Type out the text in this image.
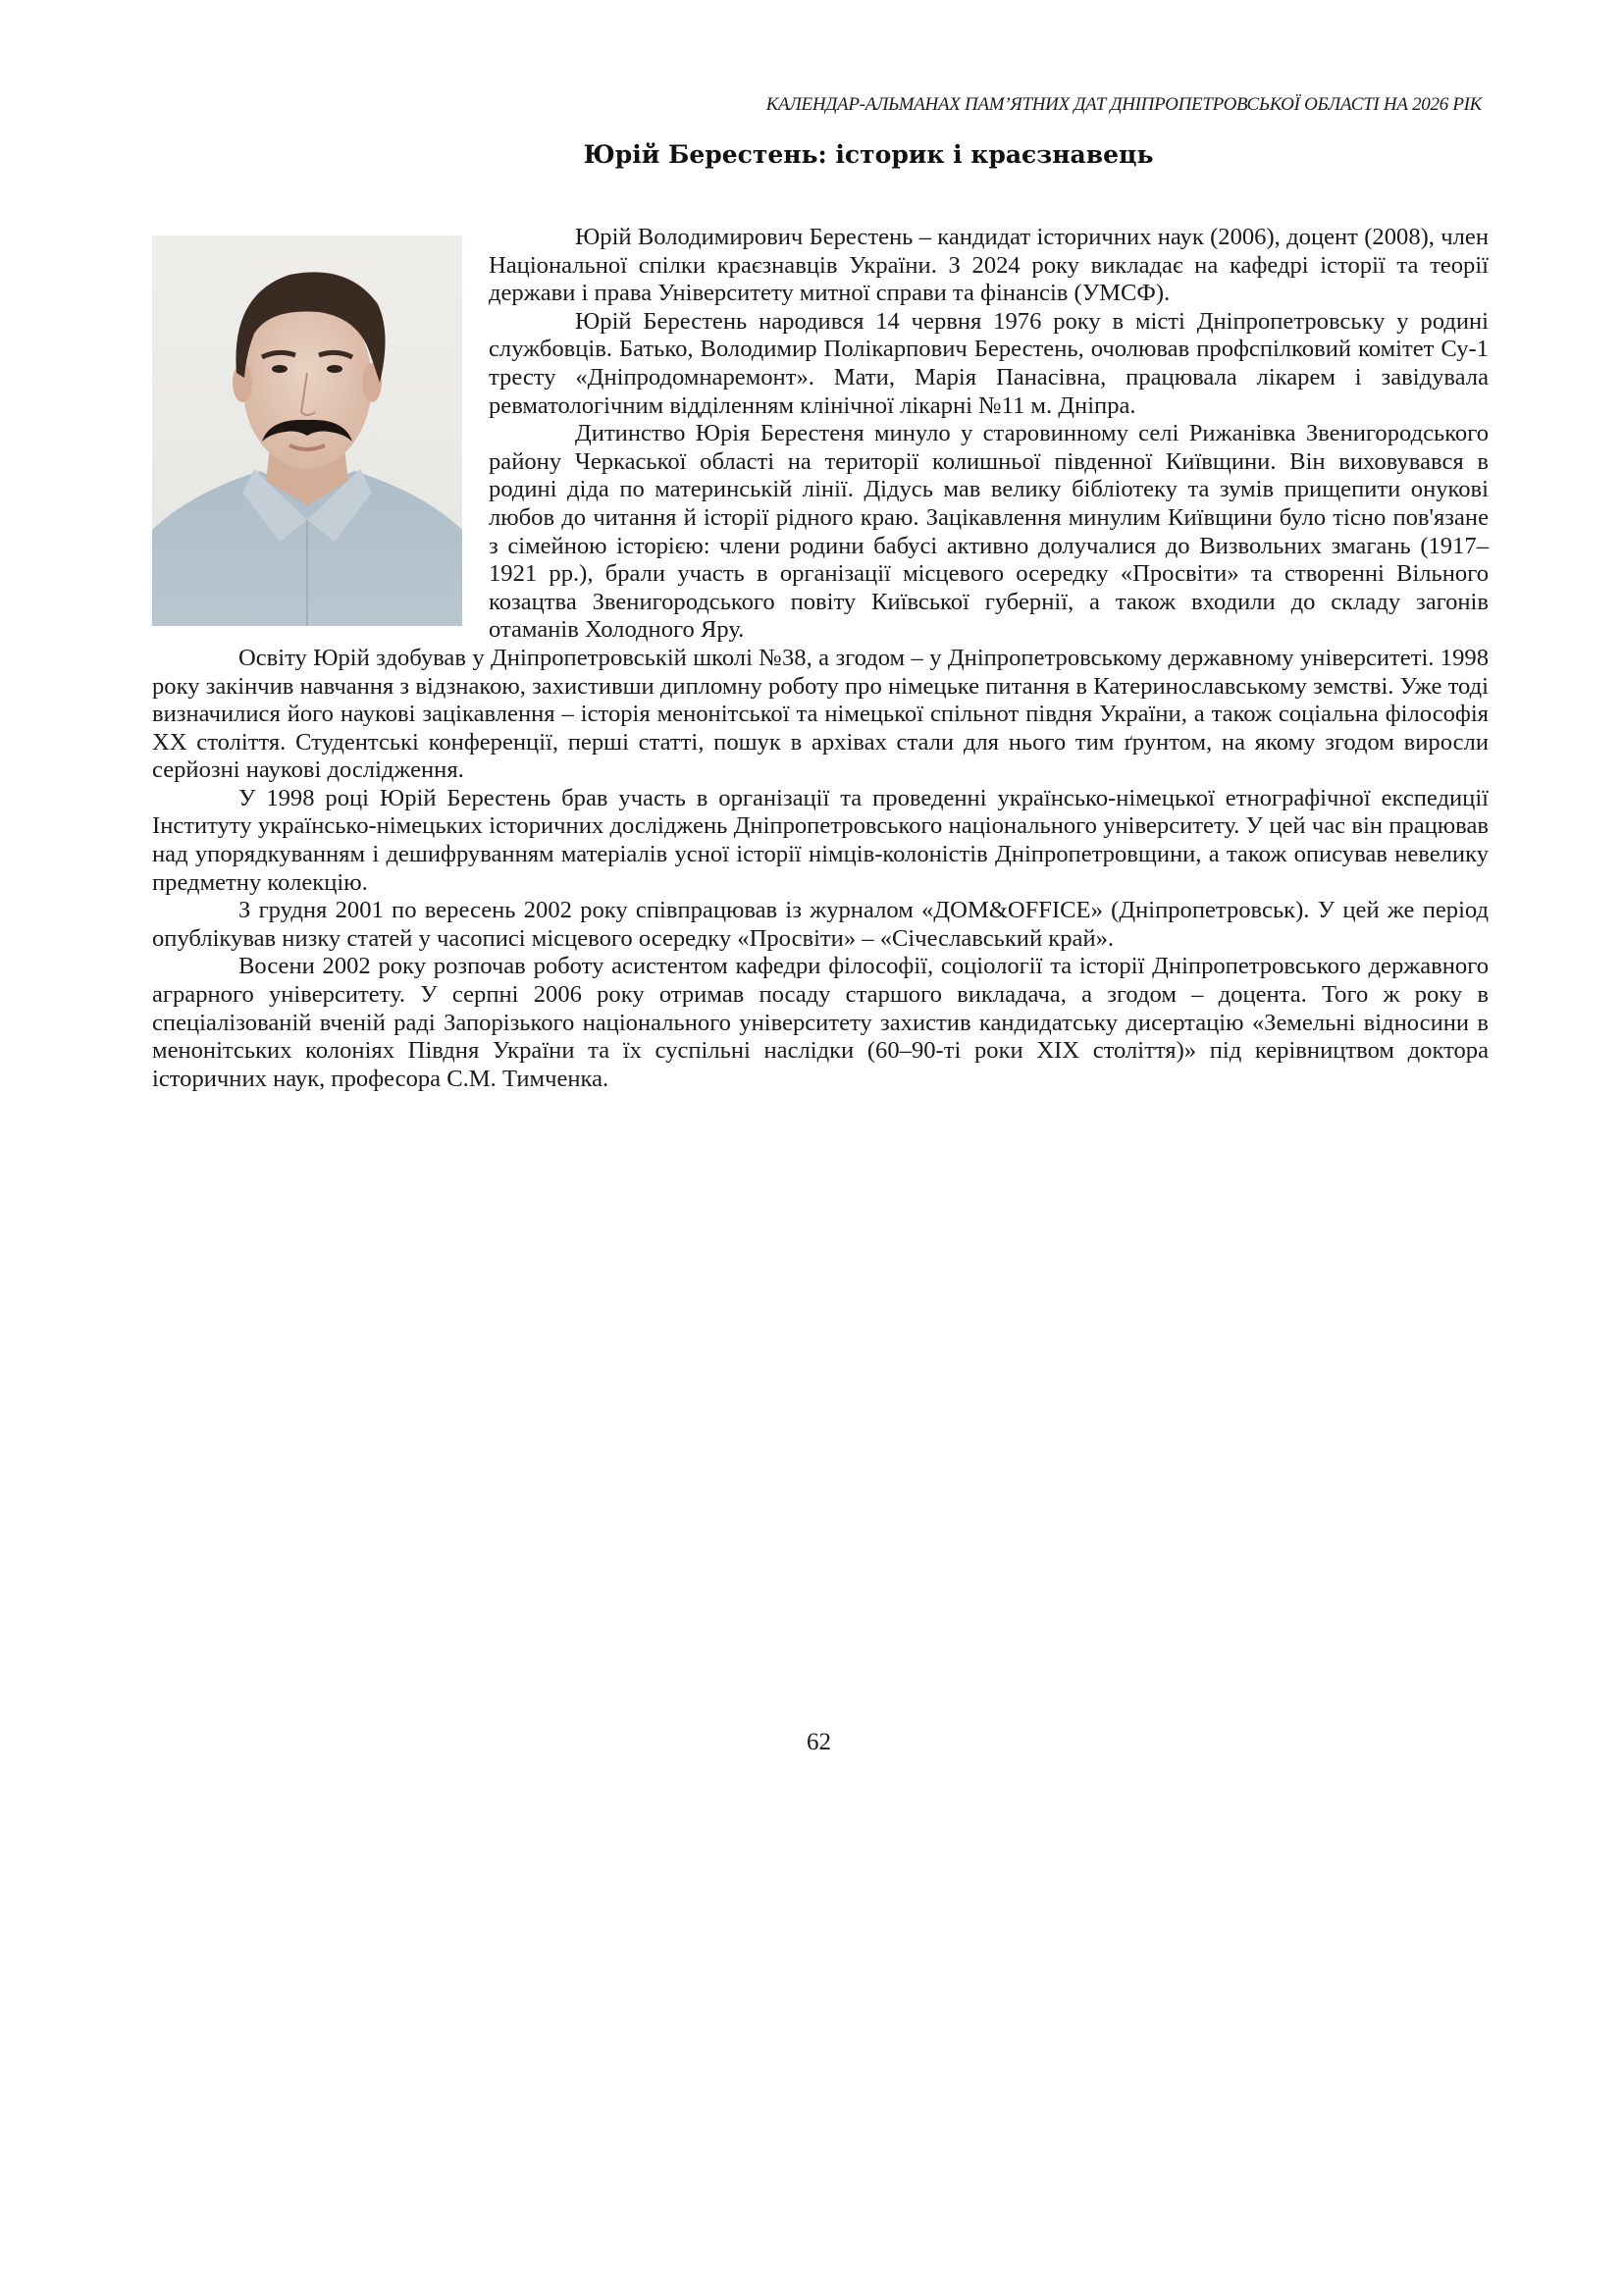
КАЛЕНДАР-АЛЬМАНАХ ПАМ’ЯТНИХ ДАТ ДНІПРОПЕТРОВСЬКОЇ ОБЛАСТІ НА 2026 РІК
Юрій Берестень: історик і краєзнавець

Юрій Володимирович Берестень – кандидат історичних наук (2006), доцент (2008), член Національної спілки краєзнавців України. З 2024 року викладає на кафедрі історії та теорії держави і права Університету митної справи та фінансів (УМСФ).

Юрій Берестень народився 14 червня 1976 року в місті Дніпропетровську у родині службовців. Батько, Володимир Полікарпович Берестень, очолював профспілковий комітет Су-1 тресту «Дніпродомнаремонт». Мати, Марія Панасівна, працювала лікарем і завідувала ревматологічним відділенням клінічної лікарні №11 м. Дніпра.

Дитинство Юрія Берестеня минуло у старовинному селі Рижанівка Звенигородського району Черкаської області на території колишньої південної Київщини. Він виховувався в родині діда по материнській лінії. Дідусь мав велику бібліотеку та зумів прищепити онукові любов до читання й історії рідного краю. Зацікавлення минулим Київщини було тісно пов'язане з сімейною історією: члени родини бабусі активно долучалися до Визвольних змагань (1917–1921 рр.), брали участь в організації місцевого осередку «Просвіти» та створенні Вільного козацтва Звенигородського повіту Київської губернії, а також входили до складу загонів отаманів Холодного Яру.

Освіту Юрій здобував у Дніпропетровській школі №38, а згодом – у Дніпропетровському державному університеті. 1998 року закінчив навчання з відзнакою, захистивши дипломну роботу про німецьке питання в Катеринославському земстві. Уже тоді визначилися його наукові зацікавлення – історія менонітської та німецької спільнот півдня України, а також соціальна філософія XX століття. Студентські конференції, перші статті, пошук в архівах стали для нього тим ґрунтом, на якому згодом виросли серйозні наукові дослідження.

У 1998 році Юрій Берестень брав участь в організації та проведенні українсько-німецької етнографічної експедиції Інституту українсько-німецьких історичних досліджень Дніпропетровського національного університету. У цей час він працював над упорядкуванням і дешифруванням матеріалів усної історії німців-колоністів Дніпропетровщини, а також описував невелику предметну колекцію.

З грудня 2001 по вересень 2002 року співпрацював із журналом «ДОМ&OFFICE» (Дніпропетровськ). У цей же період опублікував низку статей у часописі місцевого осередку «Просвіти» – «Січеславський край».

Восени 2002 року розпочав роботу асистентом кафедри філософії, соціології та історії Дніпропетровського державного аграрного університету. У серпні 2006 року отримав посаду старшого викладача, а згодом – доцента. Того ж року в спеціалізованій вченій раді Запорізького національного університету захистив кандидатську дисертацію «Земельні відносини в менонітських колоніях Півдня України та їх суспільні наслідки (60–90-ті роки XIX століття)» під керівництвом доктора історичних наук, професора С.М. Тимченка.

62
